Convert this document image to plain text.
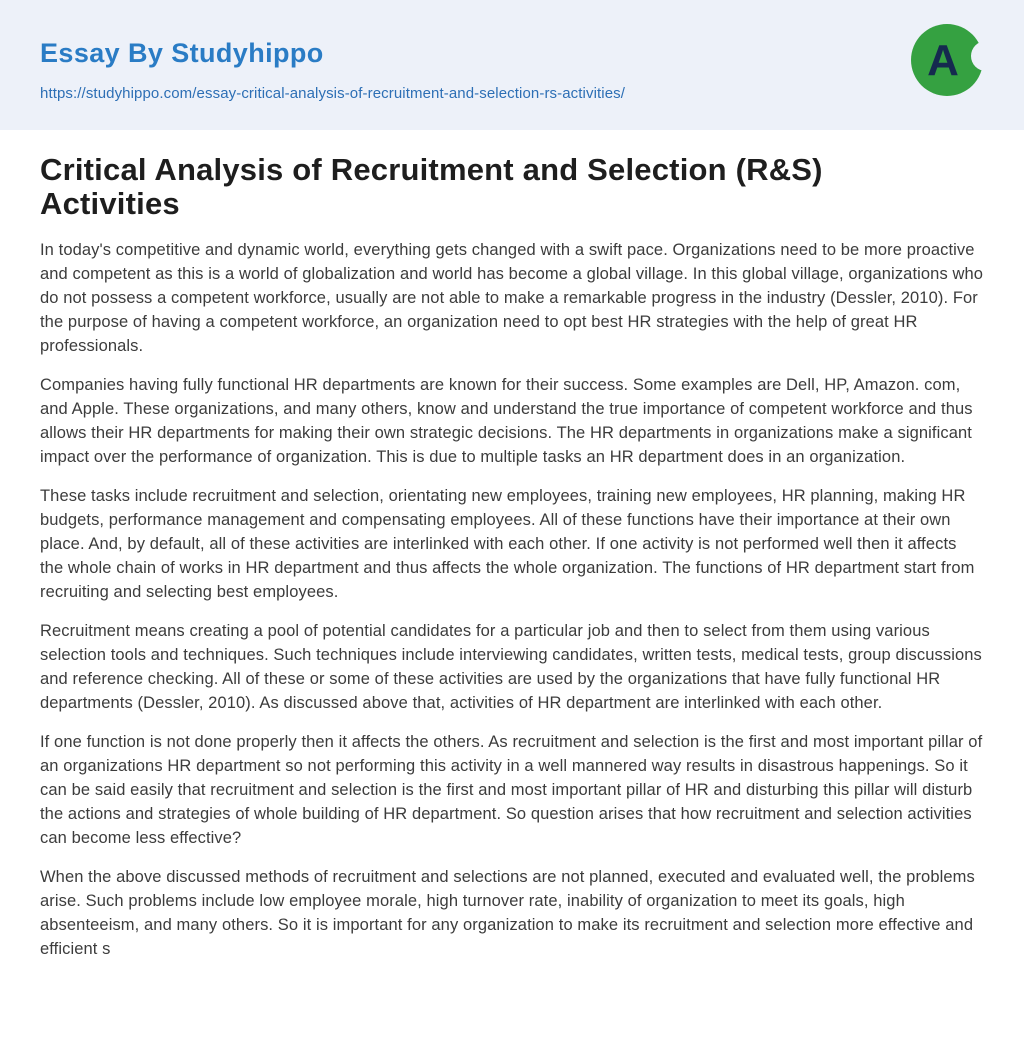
Essay By Studyhippo
https://studyhippo.com/essay-critical-analysis-of-recruitment-and-selection-rs-activities/
A
Critical Analysis of Recruitment and Selection (R&S) Activities

In today's competitive and dynamic world, everything gets changed with a swift pace. Organizations need to be more proactive and competent as this is a world of globalization and world has become a global village. In this global village, organizations who do not possess a competent workforce, usually are not able to make a remarkable progress in the industry (Dessler, 2010). For the purpose of having a competent workforce, an organization need to opt best HR strategies with the help of great HR professionals.

Companies having fully functional HR departments are known for their success. Some examples are Dell, HP, Amazon. com, and Apple. These organizations, and many others, know and understand the true importance of competent workforce and thus allows their HR departments for making their own strategic decisions. The HR departments in organizations make a significant impact over the performance of organization. This is due to multiple tasks an HR department does in an organization.

These tasks include recruitment and selection, orientating new employees, training new employees, HR planning, making HR budgets, performance management and compensating employees. All of these functions have their importance at their own place. And, by default, all of these activities are interlinked with each other. If one activity is not performed well then it affects the whole chain of works in HR department and thus affects the whole organization. The functions of HR department start from recruiting and selecting best employees.

Recruitment means creating a pool of potential candidates for a particular job and then to select from them using various selection tools and techniques. Such techniques include interviewing candidates, written tests, medical tests, group discussions and reference checking. All of these or some of these activities are used by the organizations that have fully functional HR departments (Dessler, 2010). As discussed above that, activities of HR department are interlinked with each other.

If one function is not done properly then it affects the others. As recruitment and selection is the first and most important pillar of an organizations HR department so not performing this activity in a well mannered way results in disastrous happenings. So it can be said easily that recruitment and selection is the first and most important pillar of HR and disturbing this pillar will disturb the actions and strategies of whole building of HR department. So question arises that how recruitment and selection activities can become less effective?

When the above discussed methods of recruitment and selections are not planned, executed and evaluated well, the problems arise. Such problems include low employee morale, high turnover rate, inability of organization to meet its goals, high absenteeism, and many others. So it is important for any organization to make its recruitment and selection more effective and efficient s
